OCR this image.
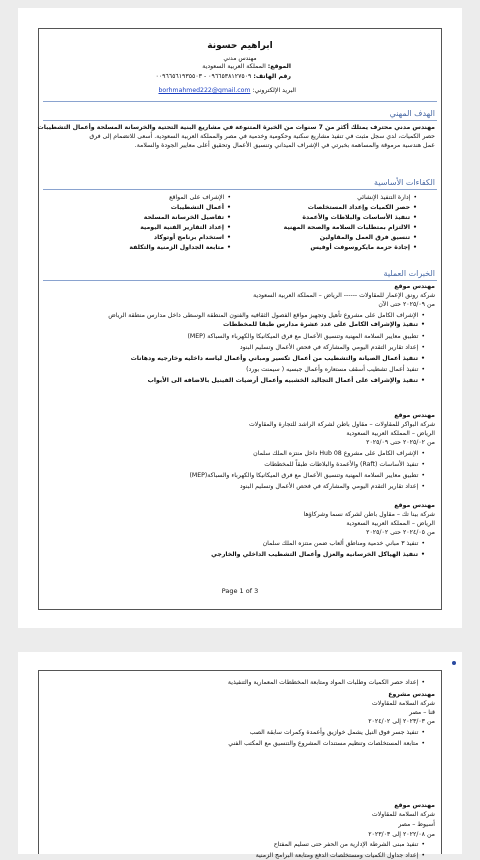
ابراهيم حسونة
مهندس مدني
الموقع: المملكة العربية السعودية
رقم الهاتف: ٠٩٦٦٥٣٨١٢٧٥٠٩ - ٠٠٩٦٦٥٦١٩٣٥٥٠٣
البريد الإلكتروني: borhmahmed222@gmail.com
الهدف المهني
مهندس مدني محترف يمتلك أكثر من 7 سنوات من الخبرة المتنوعة في مشاريع البنية التحتية والخرسانة المسلحة وأعمال التشطيبات
حصر الكميات، لدي سجل مثبت في تنفيذ مشاريع سكنية وحكومية وخدمية في مصر والمملكة العربية السعودية. أسعى للانضمام إلى فرق
عمل هندسية مرموقة والمساهمة بخبرتي في الإشراف الميداني وتنسيق الأعمال وتحقيق أعلى معايير الجودة والسلامة.
الكفاءات الأساسية
• إدارة التنفيذ الإنشائي
• حصر الكميات وإعداد المستخلصات
• تنفيذ الأساسات والبلاطات والأعمدة
• الالتزام بمتطلبات السلامة والصحة المهنية
• تنسيق فرق العمل والمقاولين
• إجادة حزمة مايكروسوفت أوفيس
• الإشراف على المواقع
• أعمال التشطيبات
• تفاصيل الخرسانة المسلحة
• إعداد التقارير الفنية اليومية
• استخدام برنامج أوتوكاد
• متابعة الجداول الزمنية والتكلفة
الخبرات العملية
مهندس موقع
شركة رونق الإعمار للمقاولات ------ الرياض – المملكة العربية السعودية
من ٢٠٢٥/٠٩ حتى الآن
• الإشراف الكامل على مشروع تأهيل وتجهيز مواقع الفصول الثقافيه والفنون المنطقة الوسطى داخل مدارس منطقة الرياض
• تنفيذ والإشراف الكامل على عدد عشرة مدارس طبقا للمخططات
• تطبيق معايير السلامة المهنية وتنسيق الأعمال مع فرق الميكانيكا والكهرباء والسباكة (MEP)
• إعداد تقارير التقدم اليومي والمشاركة في فحص الأعمال وتسليم البنود
• تنفيذ أعمال الصيانة والتشطيب من أعمال تكسير ومباني وأعمال لياسه داخليه وخارجيه ودهانات
• تنفيذ أعمال تشطيب أسقف مستعاره وأعمال جبسيه ( سيمنت بورد)
• تنفيذ والإشراف على أعمال التجاليد الخشبيه وأعمال أرضيات الفينيل بالاضافه الى الأبواب
مهندس موقع
شركة البواكر للمقاولات – مقاول باطن لشركة الراشد للتجارة والمقاولات
الرياض – المملكة العربية السعودية
من ٢٠٢٥/٠٢ حتى ٢٠٢٥/٠٩
• الإشراف الكامل على مشروع Hub 08 داخل منتزه الملك سلمان
• تنفيذ الأساسات (Raft) والأعمدة والبلاطات طبقاً للمخططات
• تطبيق معايير السلامة المهنية وتنسيق الأعمال مع فرق الميكانيكا والكهرباء والسباكة(MEP)
• إعداد تقارير التقدم اليومي والمشاركة في فحص الأعمال وتسليم البنود
مهندس موقع
شركة بينا تك – مقاول باطن لشركة نسما وشركاؤها
الرياض – المملكة العربية السعودية
من ٢٠٢٤/٠٥ حتى ٢٠٢٥/٠٢
• تنفيذ ٣ مباني خدمية ومناطق ألعاب ضمن منتزه الملك سلمان
• تنفيذ الهياكل الخرسانية والعزل وأعمال التشطيب الداخلي والخارجي
Page 1 of 3
• إعداد حصر الكميات وطلبات المواد ومتابعة المخططات المعمارية والتنفيذية
مهندس مشروع
شركة السلامة للمقاولات
قنا – مصر
من ٢٠٢٣/٠٣ إلى ٢٠٢٤/٠٢
• تنفيذ جسر فوق النيل يشمل خوازيق وأعمدة وكمرات سابقة الصب
• متابعة المستخلصات وتنظيم مستندات المشروع والتنسيق مع المكتب الفني
مهندس موقع
شركة السلامة للمقاولات
أسيوط – مصر
من ٢٠٢٢/٠٨ إلى ٢٠٢٣/٠٣
• تنفيذ مبنى الشرطة الإدارية من الحفر حتى تسليم المفتاح
• إعداد جداول الكميات ومستخلصات الدفع ومتابعة البرامج الزمنية
